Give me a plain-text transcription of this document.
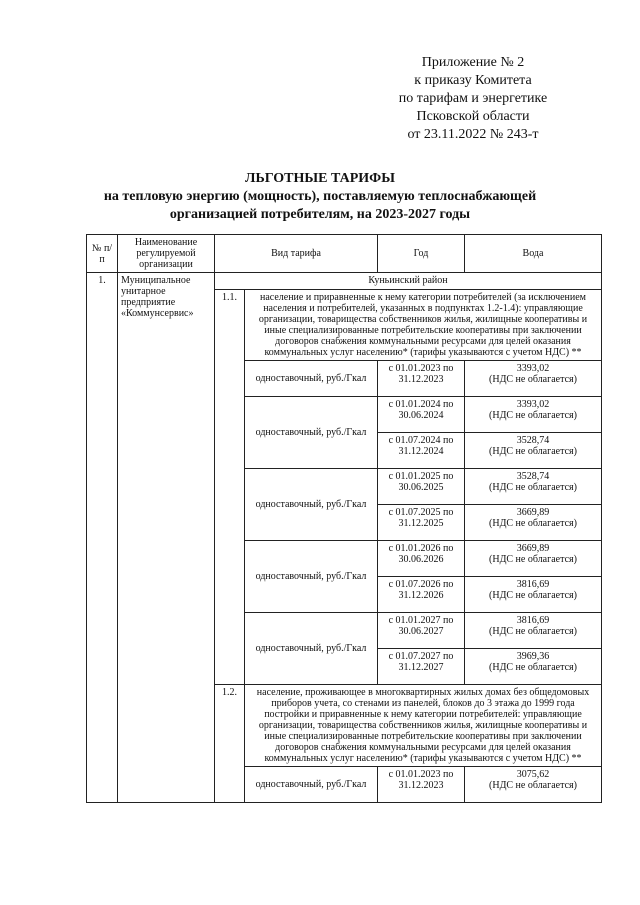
Приложение № 2
к приказу Комитета
по тарифам и энергетике
Псковской области
от 23.11.2022 № 243-т
ЛЬГОТНЫЕ ТАРИФЫ
на тепловую энергию (мощность), поставляемую теплоснабжающей
организацией потребителям, на 2023-2027 годы
№ п/п	Наименование регулируемой организации	Вид тарифа		Год	Вода
1.	Муниципальное унитарное предприятие «Коммунсервис»	Куньинский район			
		1.1.	население и приравненные к нему категории потребителей (за исключением населения и потребителей, указанных в подпунктах 1.2-1.4): управляющие организации, товарищества собственников жилья, жилищные кооперативы и иные специализированные потребительские кооперативы при заключении договоров снабжения коммунальными ресурсами для целей оказания коммунальных услуг населению* (тарифы указываются с учетом НДС) **		
			одноставочный, руб./Гкал	с 01.01.2023 по 31.12.2023	3393,02
(НДС не облагается)

			одноставочный, руб./Гкал	с 01.01.2024 по 30.06.2024	3393,02
(НДС не облагается)

				с 01.07.2024 по 31.12.2024	3528,74
(НДС не облагается)

			одноставочный, руб./Гкал	с 01.01.2025 по 30.06.2025	3528,74
(НДС не облагается)

				с 01.07.2025 по 31.12.2025	3669,89
(НДС не облагается)

			одноставочный, руб./Гкал	с 01.01.2026 по 30.06.2026	3669,89
(НДС не облагается)

				с 01.07.2026 по 31.12.2026	3816,69
(НДС не облагается)

			одноставочный, руб./Гкал	с 01.01.2027 по 30.06.2027	3816,69
(НДС не облагается)

				с 01.07.2027 по 31.12.2027	3969,36
(НДС не облагается)

		1.2.	население, проживающее в многоквартирных жилых домах без общедомовых приборов учета, со стенами из панелей, блоков до 3 этажа до 1999 года постройки и приравненные к нему категории потребителей: управляющие организации, товарищества собственников жилья, жилищные кооперативы и иные специализированные потребительские кооперативы при заключении договоров снабжения коммунальными ресурсами для целей оказания коммунальных услуг населению* (тарифы указываются с учетом НДС) **		
			одноставочный, руб./Гкал	с 01.01.2023 по 31.12.2023	3075,62
(НДС не облагается)
